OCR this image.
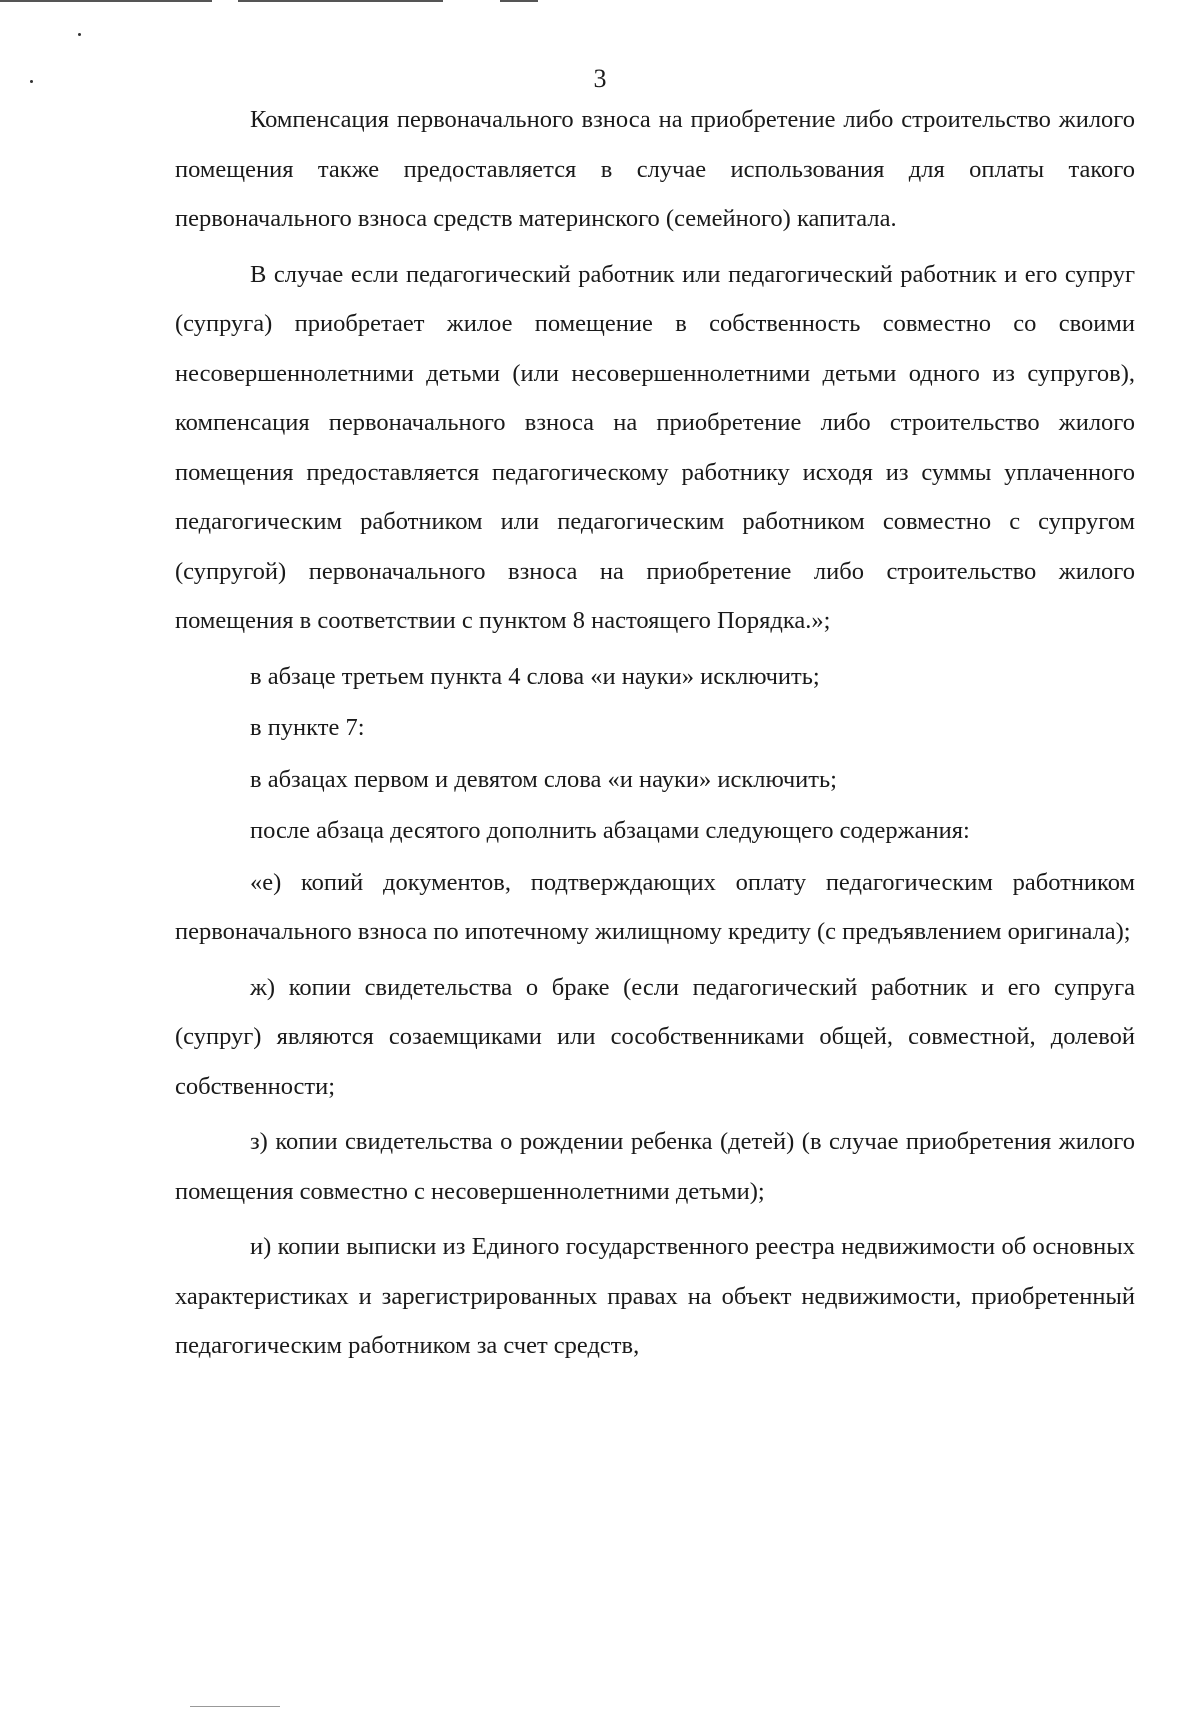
3

Компенсация первоначального взноса на приобретение либо строительство жилого помещения также предоставляется в случае использования для оплаты такого первоначального взноса средств материнского (семейного) капитала.

В случае если педагогический работник или педагогический работник и его супруг (супруга) приобретает жилое помещение в собственность совместно со своими несовершеннолетними детьми (или несовершеннолетними детьми одного из супругов), компенсация первоначального взноса на приобретение либо строительство жилого помещения предоставляется педагогическому работнику исходя из суммы уплаченного педагогическим работником или педагогическим работником совместно с супругом (супругой) первоначального взноса на приобретение либо строительство жилого помещения в соответствии с пунктом 8 настоящего Порядка.»;

в абзаце третьем пункта 4 слова «и науки» исключить;

в пункте 7:

в абзацах первом и девятом слова «и науки» исключить;

после абзаца десятого дополнить абзацами следующего содержания:

«е) копий документов, подтверждающих оплату педагогическим работником первоначального взноса по ипотечному жилищному кредиту (с предъявлением оригинала);

ж) копии свидетельства о браке (если педагогический работник и его супруга (супруг) являются созаемщиками или сособственниками общей, совместной, долевой собственности;

з) копии свидетельства о рождении ребенка (детей) (в случае приобретения жилого помещения совместно с несовершеннолетними детьми);

и) копии выписки из Единого государственного реестра недвижимости об основных характеристиках и зарегистрированных правах на объект недвижимости, приобретенный педагогическим работником за счет средств,
